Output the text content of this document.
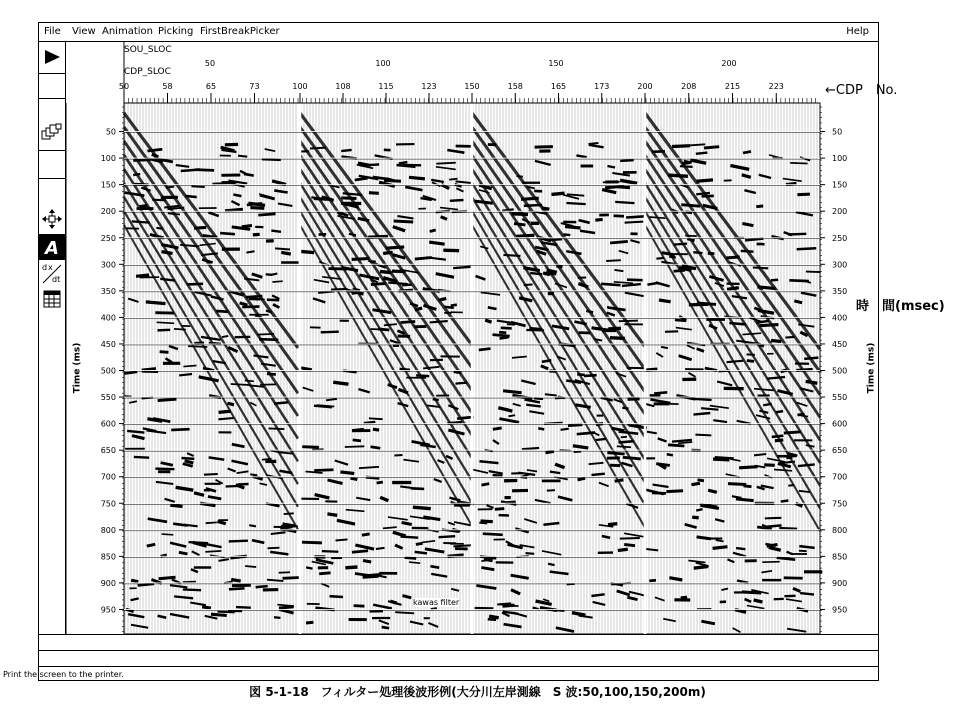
File View Animation Picking FirstBreakPicker	Help
A
d x
dt
SOU_SLOC
CDP_SLOC
50	100	150	200
50	58	65	73	100	108	115	123	150	158	165	173	200	208	215	223	←CDP　No.
50	50
100	100
150	150
200	200
250	250
300	300
350	350
400	400
450	450
500	500
550	550
600	600
650	650
700	700
750	750
800	800
850	850
900	900
950	950
Time (ms)	Time (ms)
時　間(msec)
kawas filter
Print the screen to the printer.
図 5-1-18　フィルター処理後波形例(大分川左岸測線　S 波:50,100,150,200m)
